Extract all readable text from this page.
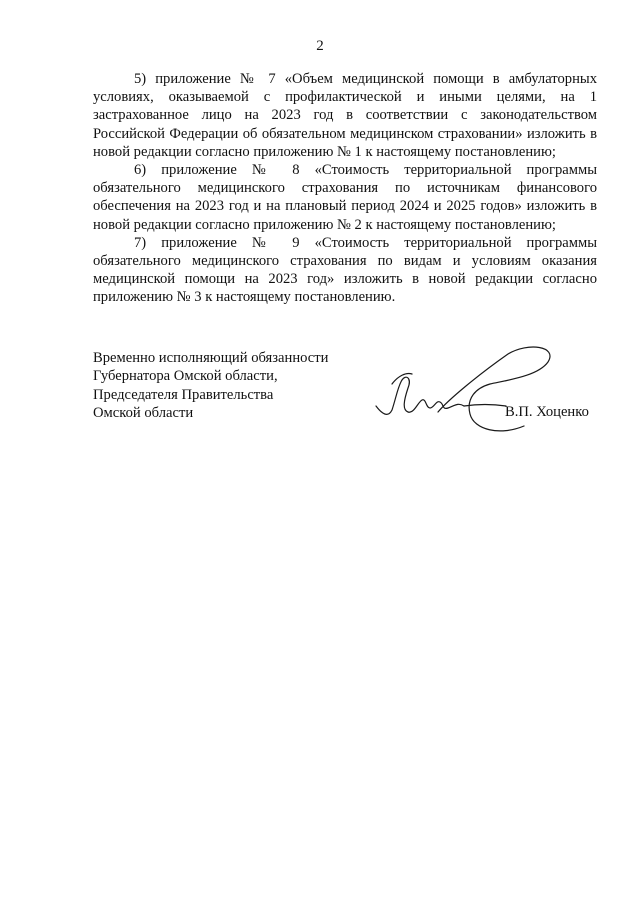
2

5) приложение № 7 «Объем медицинской помощи в амбулаторных условиях, оказываемой с профилактической и иными целями, на 1 застрахованное лицо на 2023 год в соответствии с законодательством Российской Федерации об обязательном медицинском страховании» изложить в новой редакции согласно приложению № 1 к настоящему постановлению;

6) приложение № 8 «Стоимость территориальной программы обязательного медицинского страхования по источникам финансового обеспечения на 2023 год и на плановый период 2024 и 2025 годов» изложить в новой редакции согласно приложению № 2 к настоящему постановлению;

7) приложение № 9 «Стоимость территориальной программы обязательного медицинского страхования по видам и условиям оказания медицинской помощи на 2023 год» изложить в новой редакции согласно приложению № 3 к настоящему постановлению.

Временно исполняющий обязанности
Губернатора Омской области,
Председателя Правительства
Омской области	В.П. Хоценко
